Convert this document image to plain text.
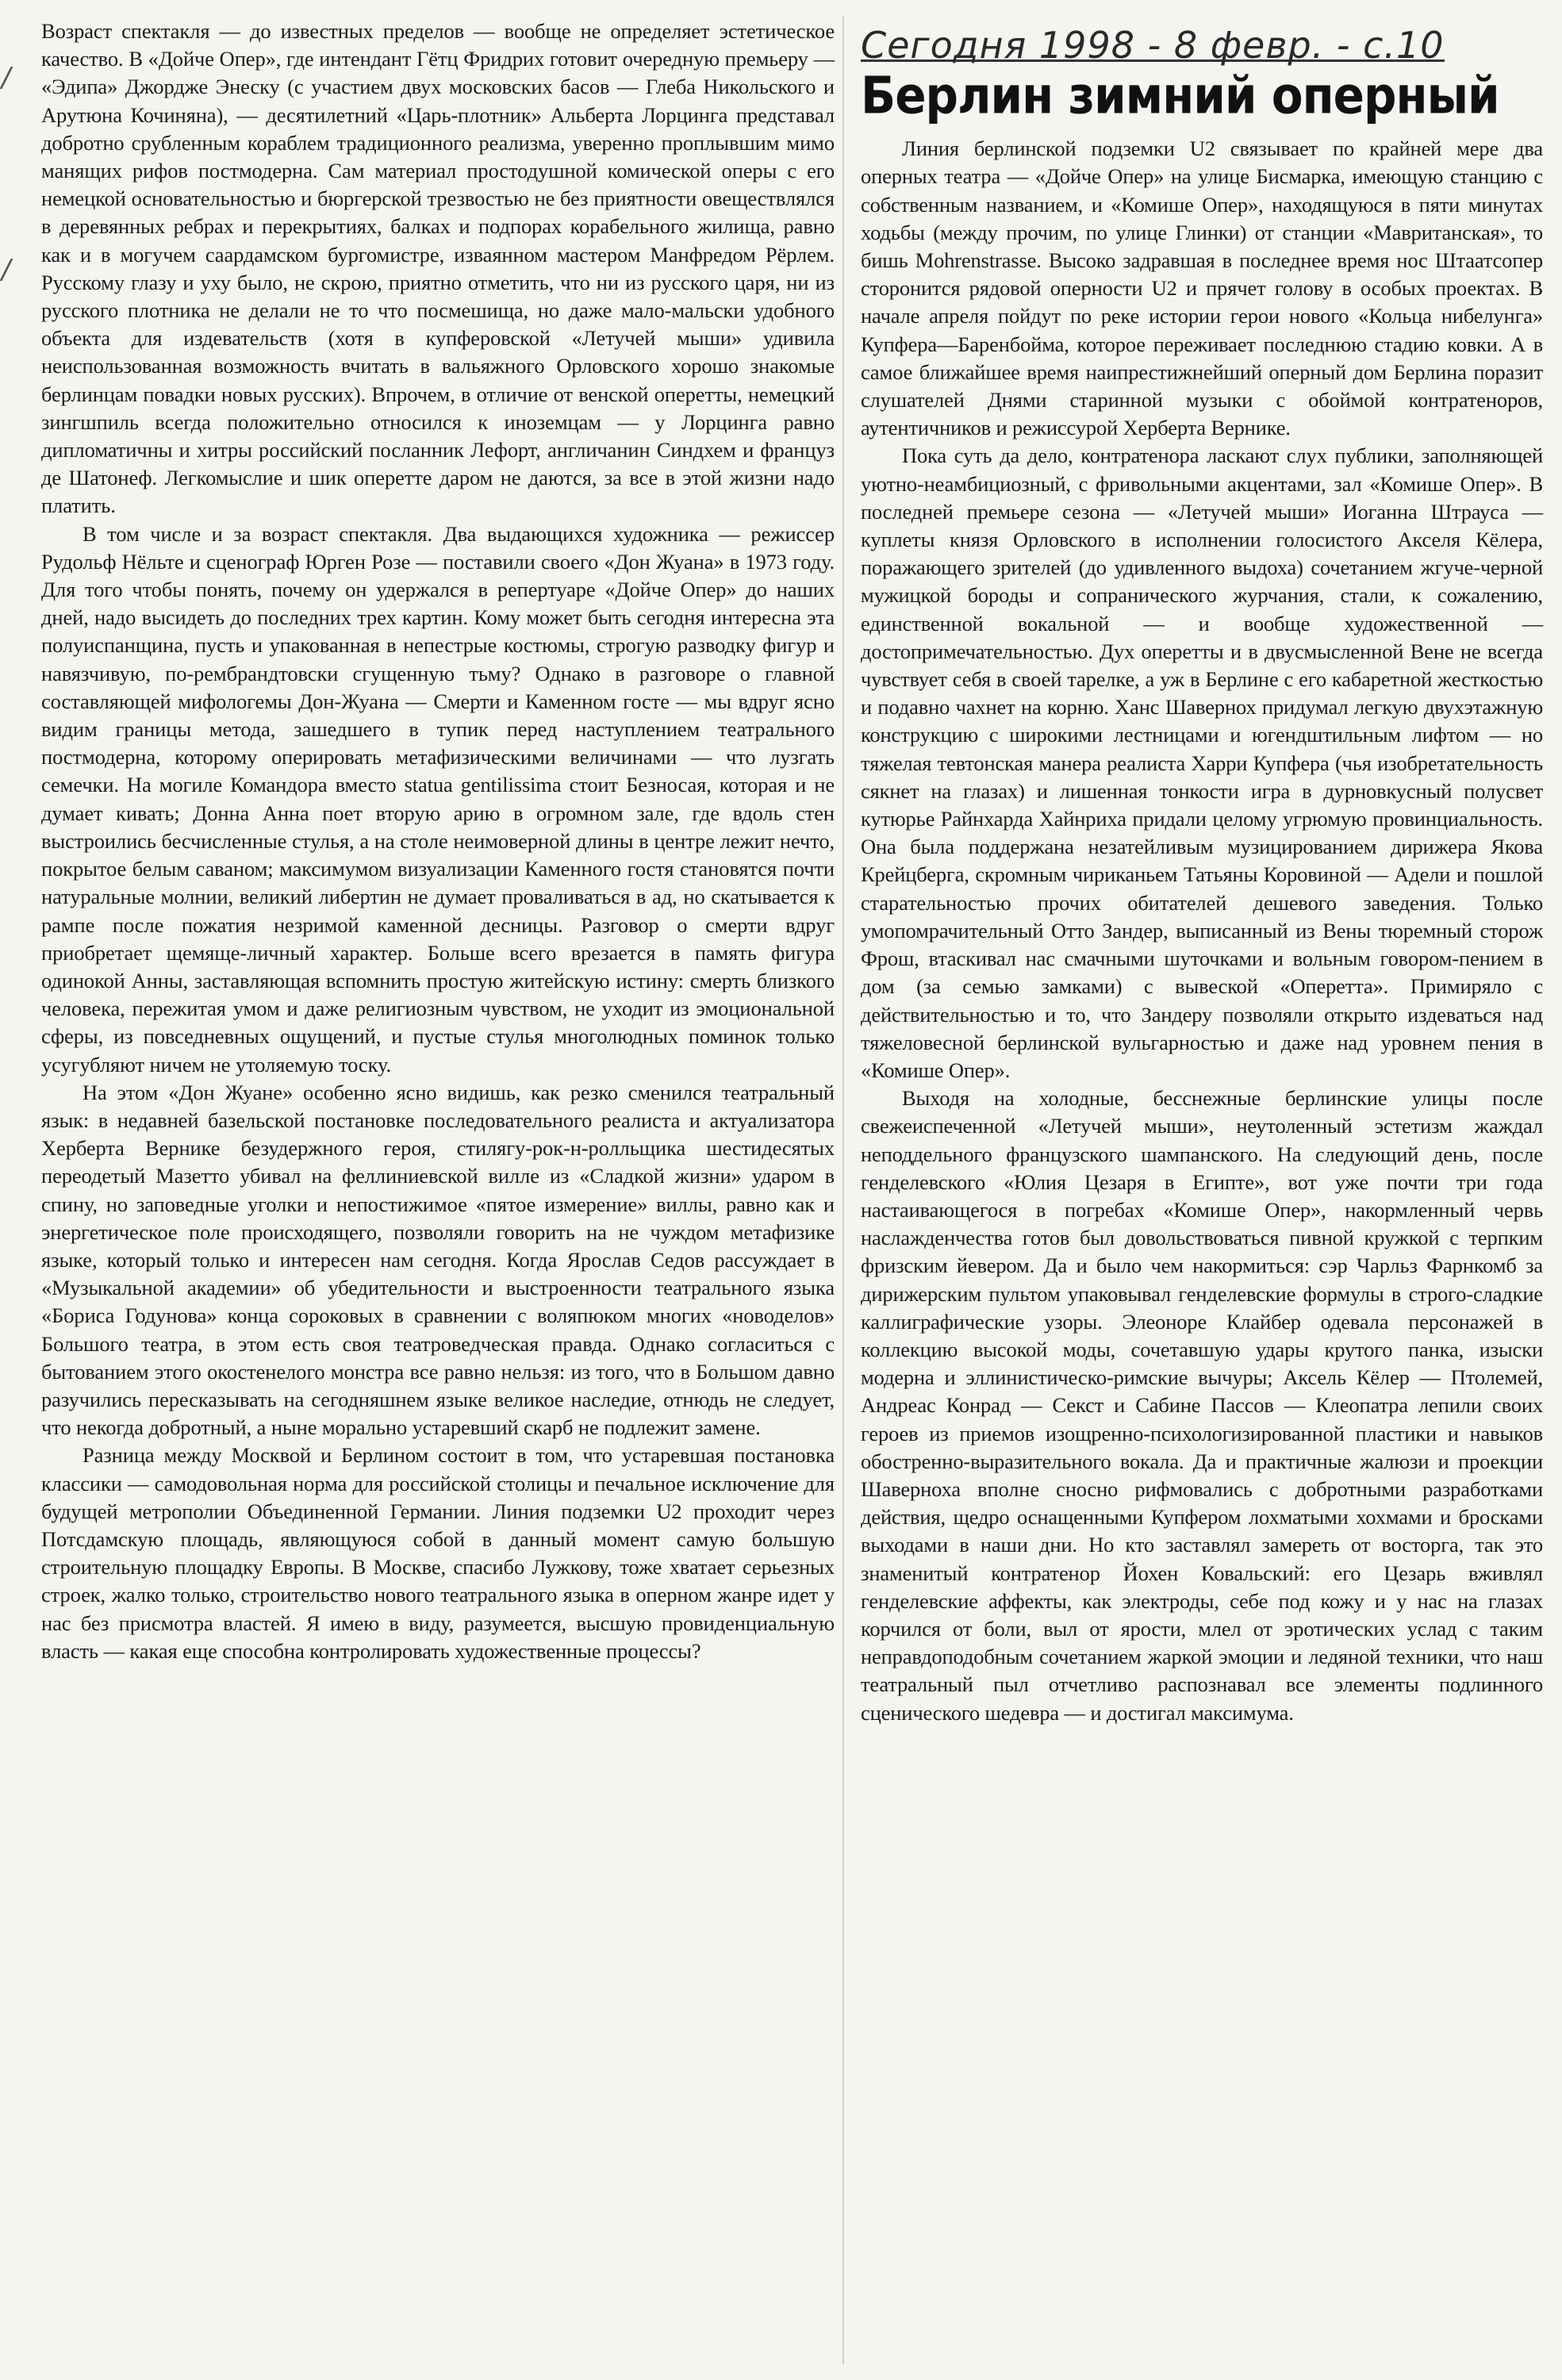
/
/

Возраст спектакля — до известных пределов — вообще не определяет эстетическое качество. В «Дойче Опер», где интендант Гётц Фридрих готовит очередную премьеру — «Эдипа» Джордже Энеску (с участием двух московских басов — Глеба Никольского и Арутюна Кочиняна), — десятилетний «Царь-плотник» Альберта Лорцинга представал добротно срубленным кораблем традиционного реализма, уверенно проплывшим мимо манящих рифов постмодерна. Сам материал простодушной комической оперы с его немецкой основательностью и бюргерской трезвостью не без приятности овеществлялся в деревянных ребрах и перекрытиях, балках и подпорах корабельного жилища, равно как и в могучем саардамском бургомистре, изваянном мастером Манфредом Рёрлем. Русскому глазу и уху было, не скрою, приятно отметить, что ни из русского царя, ни из русского плотника не делали не то что посмешища, но даже мало-мальски удобного объекта для издевательств (хотя в купферовской «Летучей мыши» удивила неиспользованная возможность вчитать в вальяжного Орловского хорошо знакомые берлинцам повадки новых русских). Впрочем, в отличие от венской оперетты, немецкий зингшпиль всегда положительно относился к иноземцам — у Лорцинга равно дипломатичны и хитры российский посланник Лефорт, англичанин Синдхем и француз де Шатонеф. Легкомыслие и шик оперетте даром не даются, за все в этой жизни надо платить.

В том числе и за возраст спектакля. Два выдающихся художника — режиссер Рудольф Нёльте и сценограф Юрген Розе — поставили своего «Дон Жуана» в 1973 году. Для того чтобы понять, почему он удержался в репертуаре «Дойче Опер» до наших дней, надо высидеть до последних трех картин. Кому может быть сегодня интересна эта полуиспанщина, пусть и упакованная в непестрые костюмы, строгую разводку фигур и навязчивую, по-рембрандтовски сгущенную тьму? Однако в разговоре о главной составляющей мифологемы Дон-Жуана — Смерти и Каменном госте — мы вдруг ясно видим границы метода, зашедшего в тупик перед наступлением театрального постмодерна, которому оперировать метафизическими величинами — что лузгать семечки. На могиле Командора вместо statua gentilissima стоит Безносая, которая и не думает кивать; Донна Анна поет вторую арию в огромном зале, где вдоль стен выстроились бесчисленные стулья, а на столе неимоверной длины в центре лежит нечто, покрытое белым саваном; максимумом визуализации Каменного гостя становятся почти натуральные молнии, великий либертин не думает проваливаться в ад, но скатывается к рампе после пожатия незримой каменной десницы. Разговор о смерти вдруг приобретает щемяще-личный характер. Больше всего врезается в память фигура одинокой Анны, заставляющая вспомнить простую житейскую истину: смерть близкого человека, пережитая умом и даже религиозным чувством, не уходит из эмоциональной сферы, из повседневных ощущений, и пустые стулья многолюдных поминок только усугубляют ничем не утоляемую тоску.

На этом «Дон Жуане» особенно ясно видишь, как резко сменился театральный язык: в недавней базельской постановке последовательного реалиста и актуализатора Херберта Вернике безудержного героя, стилягу-рок-н-ролльщика шестидесятых переодетый Мазетто убивал на феллиниевской вилле из «Сладкой жизни» ударом в спину, но заповедные уголки и непостижимое «пятое измерение» виллы, равно как и энергетическое поле происходящего, позволяли говорить на не чуждом метафизике языке, который только и интересен нам сегодня. Когда Ярослав Седов рассуждает в «Музыкальной академии» об убедительности и выстроенности театрального языка «Бориса Годунова» конца сороковых в сравнении с воляпюком многих «новоделов» Большого театра, в этом есть своя театроведческая правда. Однако согласиться с бытованием этого окостенелого монстра все равно нельзя: из того, что в Большом давно разучились пересказывать на сегодняшнем языке великое наследие, отнюдь не следует, что некогда добротный, а ныне морально устаревший скарб не подлежит замене.

Разница между Москвой и Берлином состоит в том, что устаревшая постановка классики — самодовольная норма для российской столицы и печальное исключение для будущей метрополии Объединенной Германии. Линия подземки U2 проходит через Потсдамскую площадь, являющуюся собой в данный момент самую большую строительную площадку Европы. В Москве, спасибо Лужкову, тоже хватает серьезных строек, жалко только, строительство нового театрального языка в оперном жанре идет у нас без присмотра властей. Я имею в виду, разумеется, высшую провиденциальную власть — какая еще способна контролировать художественные процессы?

Сегодня 1998 - 8 февр. - с.10
Берлин зимний оперный

Линия берлинской подземки U2 связывает по крайней мере два оперных театра — «Дойче Опер» на улице Бисмарка, имеющую станцию с собственным названием, и «Комише Опер», находящуюся в пяти минутах ходьбы (между прочим, по улице Глинки) от станции «Мавританская», то бишь Mohrenstrasse. Высоко задравшая в последнее время нос Штаатсопер сторонится рядовой оперности U2 и прячет голову в особых проектах. В начале апреля пойдут по реке истории герои нового «Кольца нибелунга» Купфера—Баренбойма, которое переживает последнюю стадию ковки. А в самое ближайшее время наипрестижнейший оперный дом Берлина поразит слушателей Днями старинной музыки с обоймой контратеноров, аутентичников и режиссурой Херберта Вернике.

Пока суть да дело, контратенора ласкают слух публики, заполняющей уютно-неамбициозный, с фривольными акцентами, зал «Комише Опер». В последней премьере сезона — «Летучей мыши» Иоганна Штрауса — куплеты князя Орловского в исполнении голосистого Акселя Кёлера, поражающего зрителей (до удивленного выдоха) сочетанием жгуче-черной мужицкой бороды и сопранического журчания, стали, к сожалению, единственной вокальной — и вообще художественной — достопримечательностью. Дух оперетты и в двусмысленной Вене не всегда чувствует себя в своей тарелке, а уж в Берлине с его кабаретной жесткостью и подавно чахнет на корню. Ханс Шавернох придумал легкую двухэтажную конструкцию с широкими лестницами и югендштильным лифтом — но тяжелая тевтонская манера реалиста Харри Купфера (чья изобретательность сякнет на глазах) и лишенная тонкости игра в дурновкусный полусвет кутюрье Райнхарда Хайнриха придали целому угрюмую провинциальность. Она была поддержана незатейливым музицированием дирижера Якова Крейцберга, скромным чириканьем Татьяны Коровиной — Адели и пошлой старательностью прочих обитателей дешевого заведения. Только умопомрачительный Отто Зандер, выписанный из Вены тюремный сторож Фрош, втаскивал нас смачными шуточками и вольным говором-пением в дом (за семью замками) с вывеской «Оперетта». Примиряло с действительностью и то, что Зандеру позволяли открыто издеваться над тяжеловесной берлинской вульгарностью и даже над уровнем пения в «Комише Опер».

Выходя на холодные, бесснежные берлинские улицы после свежеиспеченной «Летучей мыши», неутоленный эстетизм жаждал неподдельного французского шампанского. На следующий день, после генделевского «Юлия Цезаря в Египте», вот уже почти три года настаивающегося в погребах «Комише Опер», накормленный червь наслажденчества готов был довольствоваться пивной кружкой с терпким фризским йевером. Да и было чем накормиться: сэр Чарльз Фарнкомб за дирижерским пультом упаковывал генделевские формулы в строго-сладкие каллиграфические узоры. Элеоноре Клайбер одевала персонажей в коллекцию высокой моды, сочетавшую удары крутого панка, изыски модерна и эллинистическо-римские вычуры; Аксель Кёлер — Птолемей, Андреас Конрад — Секст и Сабине Пассов — Клеопатра лепили своих героев из приемов изощренно-психологизированной пластики и навыков обостренно-выразительного вокала. Да и практичные жалюзи и проекции Шаверноха вполне сносно рифмовались с добротными разработками действия, щедро оснащенными Купфером лохматыми хохмами и бросками выходами в наши дни. Но кто заставлял замереть от восторга, так это знаменитый контратенор Йохен Ковальский: его Цезарь вживлял генделевские аффекты, как электроды, себе под кожу и у нас на глазах корчился от боли, выл от ярости, млел от эротических услад с таким неправдоподобным сочетанием жаркой эмоции и ледяной техники, что наш театральный пыл отчетливо распознавал все элементы подлинного сценического шедевра — и достигал максимума.
